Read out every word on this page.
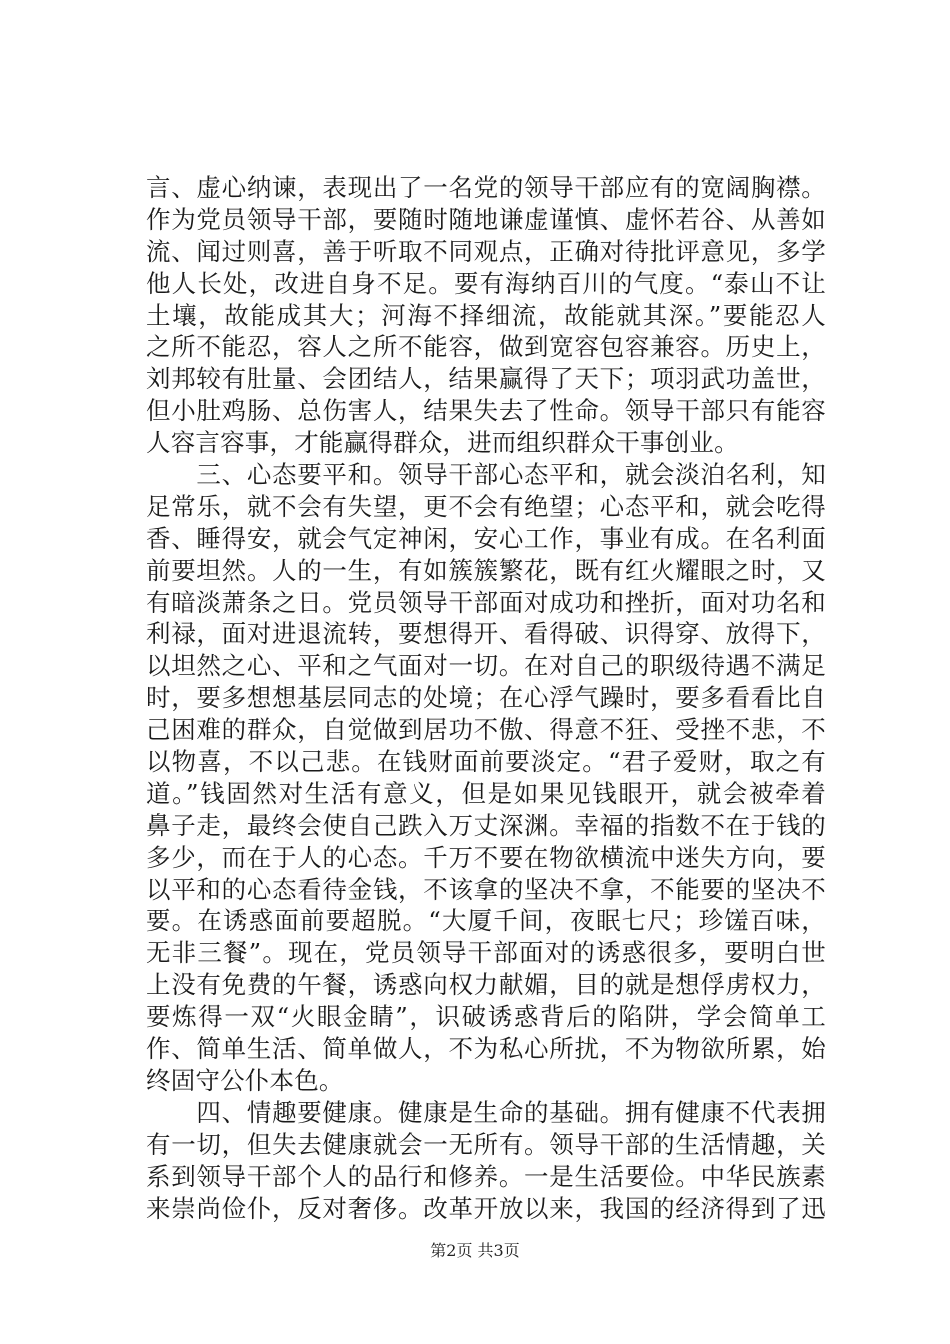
言、虚心纳谏，表现出了一名党的领导干部应有的宽阔胸襟。
作为党员领导干部，要随时随地谦虚谨慎、虚怀若谷、从善如
流、闻过则喜，善于听取不同观点，正确对待批评意见，多学
他人长处，改进自身不足。要有海纳百川的气度。“泰山不让
土壤，故能成其大；河海不择细流，故能就其深。”要能忍人
之所不能忍，容人之所不能容，做到宽容包容兼容。历史上，
刘邦较有肚量、会团结人，结果赢得了天下；项羽武功盖世，
但小肚鸡肠、总伤害人，结果失去了性命。领导干部只有能容
人容言容事，才能赢得群众，进而组织群众干事创业。
　　三、心态要平和。领导干部心态平和，就会淡泊名利，知
足常乐，就不会有失望，更不会有绝望；心态平和，就会吃得
香、睡得安，就会气定神闲，安心工作，事业有成。在名利面
前要坦然。人的一生，有如簇簇繁花，既有红火耀眼之时，又
有暗淡萧条之日。党员领导干部面对成功和挫折，面对功名和
利禄，面对进退流转，要想得开、看得破、识得穿、放得下，
以坦然之心、平和之气面对一切。在对自己的职级待遇不满足
时，要多想想基层同志的处境；在心浮气躁时，要多看看比自
己困难的群众，自觉做到居功不傲、得意不狂、受挫不悲，不
以物喜，不以己悲。在钱财面前要淡定。“君子爱财，取之有
道。”钱固然对生活有意义，但是如果见钱眼开，就会被牵着
鼻子走，最终会使自己跌入万丈深渊。幸福的指数不在于钱的
多少，而在于人的心态。千万不要在物欲横流中迷失方向，要
以平和的心态看待金钱，不该拿的坚决不拿，不能要的坚决不
要。在诱惑面前要超脱。“大厦千间，夜眠七尺；珍馐百味，
无非三餐”。现在，党员领导干部面对的诱惑很多，要明白世
上没有免费的午餐，诱惑向权力献媚，目的就是想俘虏权力，
要炼得一双“火眼金睛”，识破诱惑背后的陷阱，学会简单工
作、简单生活、简单做人，不为私心所扰，不为物欲所累，始
终固守公仆本色。
　　四、情趣要健康。健康是生命的基础。拥有健康不代表拥
有一切，但失去健康就会一无所有。领导干部的生活情趣，关
系到领导干部个人的品行和修养。一是生活要俭。中华民族素
来崇尚俭仆，反对奢侈。改革开放以来，我国的经济得到了迅
第2页 共3页
